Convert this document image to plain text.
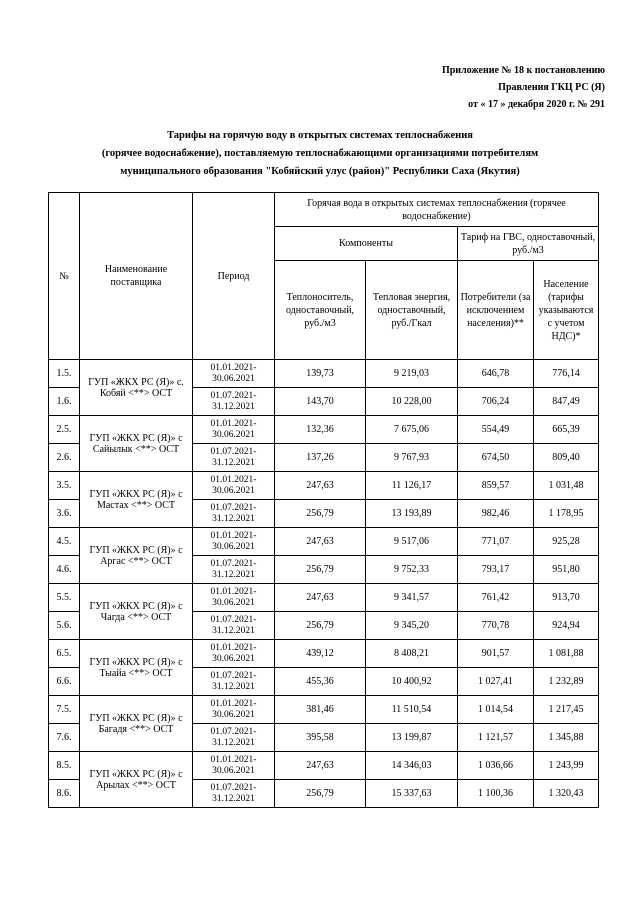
Приложение № 18 к постановлению
Правления ГКЦ РС (Я)
от « 17 » декабря 2020 г. № 291
Тарифы на горячую воду в открытых системах теплоснабжения
(горячее водоснабжение), поставляемую теплоснабжающими организациями потребителям
муниципального образования "Кобяйский улус (район)" Республики Саха (Якутия)
№	Наименование поставщика	Период	Горячая вода в открытых системах теплоснабжения (горячее водоснабжение)			
			Компоненты		Тариф на ГВС, одноставочный, руб./м3	
			Теплоноситель, одноставочный, руб./м3	Тепловая энергия, одноставочный, руб./Гкал	Потребители (за исключением населения)**	Население (тарифы указываются с учетом НДС)*
1.5.	ГУП «ЖКХ РС (Я)» с. Кобяй <**> ОСТ	01.01.2021-30.06.2021	139,73	9 219,03	646,78	776,14
1.6.		01.07.2021-31.12.2021	143,70	10 228,00	706,24	847,49
2.5.	ГУП «ЖКХ РС (Я)» с Сайылык <**> ОСТ	01.01.2021-30.06.2021	132,36	7 675,06	554,49	665,39
2.6.		01.07.2021-31.12.2021	137,26	9 767,93	674,50	809,40
3.5.	ГУП «ЖКХ РС (Я)» с Мастах <**> ОСТ	01.01.2021-30.06.2021	247,63	11 126,17	859,57	1 031,48
3.6.		01.07.2021-31.12.2021	256,79	13 193,89	982,46	1 178,95
4.5.	ГУП «ЖКХ РС (Я)» с Аргас <**> ОСТ	01.01.2021-30.06.2021	247,63	9 517,06	771,07	925,28
4.6.		01.07.2021-31.12.2021	256,79	9 752,33	793,17	951,80
5.5.	ГУП «ЖКХ РС (Я)» с Чагда <**> ОСТ	01.01.2021-30.06.2021	247,63	9 341,57	761,42	913,70
5.6.		01.07.2021-31.12.2021	256,79	9 345,20	770,78	924,94
6.5.	ГУП «ЖКХ РС (Я)» с Тыайа <**> ОСТ	01.01.2021-30.06.2021	439,12	8 408,21	901,57	1 081,88
6.6.		01.07.2021-31.12.2021	455,36	10 400,92	1 027,41	1 232,89
7.5.	ГУП «ЖКХ РС (Я)» с Багадя <**> ОСТ	01.01.2021-30.06.2021	381,46	11 510,54	1 014,54	1 217,45
7.6.		01.07.2021-31.12.2021	395,58	13 199,87	1 121,57	1 345,88
8.5.	ГУП «ЖКХ РС (Я)» с Арылах <**> ОСТ	01.01.2021-30.06.2021	247,63	14 346,03	1 036,66	1 243,99
8.6.		01.07.2021-31.12.2021	256,79	15 337,63	1 100,36	1 320,43
